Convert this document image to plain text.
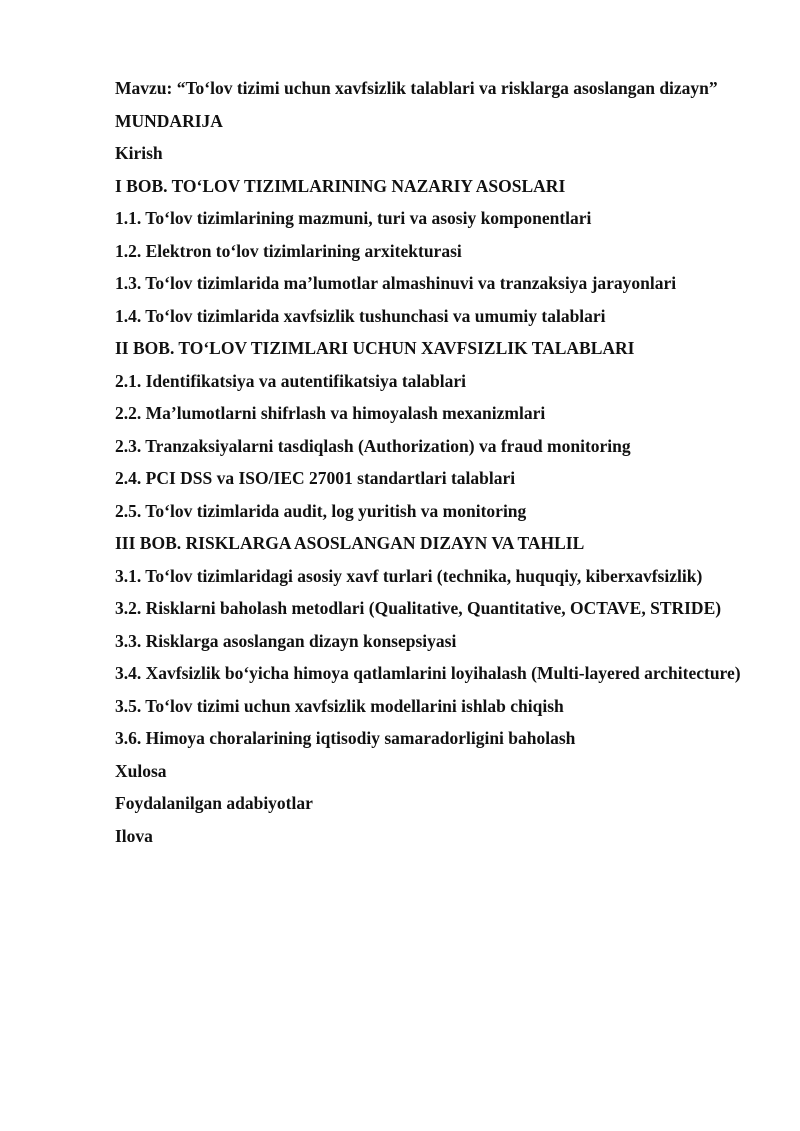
Mavzu: “To‘lov tizimi uchun xavfsizlik talablari va risklarga asoslangan dizayn”

MUNDARIJA

Kirish

I BOB. TO‘LOV TIZIMLARINING NAZARIY ASOSLARI

1.1. To‘lov tizimlarining mazmuni, turi va asosiy komponentlari

1.2. Elektron to‘lov tizimlarining arxitekturasi

1.3. To‘lov tizimlarida ma’lumotlar almashinuvi va tranzaksiya jarayonlari

1.4. To‘lov tizimlarida xavfsizlik tushunchasi va umumiy talablari

II BOB. TO‘LOV TIZIMLARI UCHUN XAVFSIZLIK TALABLARI

2.1. Identifikatsiya va autentifikatsiya talablari

2.2. Ma’lumotlarni shifrlash va himoyalash mexanizmlari

2.3. Tranzaksiyalarni tasdiqlash (Authorization) va fraud monitoring

2.4. PCI DSS va ISO/IEC 27001 standartlari talablari

2.5. To‘lov tizimlarida audit, log yuritish va monitoring

III BOB. RISKLARGA ASOSLANGAN DIZAYN VA TAHLIL

3.1. To‘lov tizimlaridagi asosiy xavf turlari (technika, huquqiy, kiberxavfsizlik)

3.2. Risklarni baholash metodlari (Qualitative, Quantitative, OCTAVE, STRIDE)

3.3. Risklarga asoslangan dizayn konsepsiyasi

3.4. Xavfsizlik bo‘yicha himoya qatlamlarini loyihalash (Multi-layered architecture)

3.5. To‘lov tizimi uchun xavfsizlik modellarini ishlab chiqish

3.6. Himoya choralarining iqtisodiy samaradorligini baholash

Xulosa

Foydalanilgan adabiyotlar

Ilova
